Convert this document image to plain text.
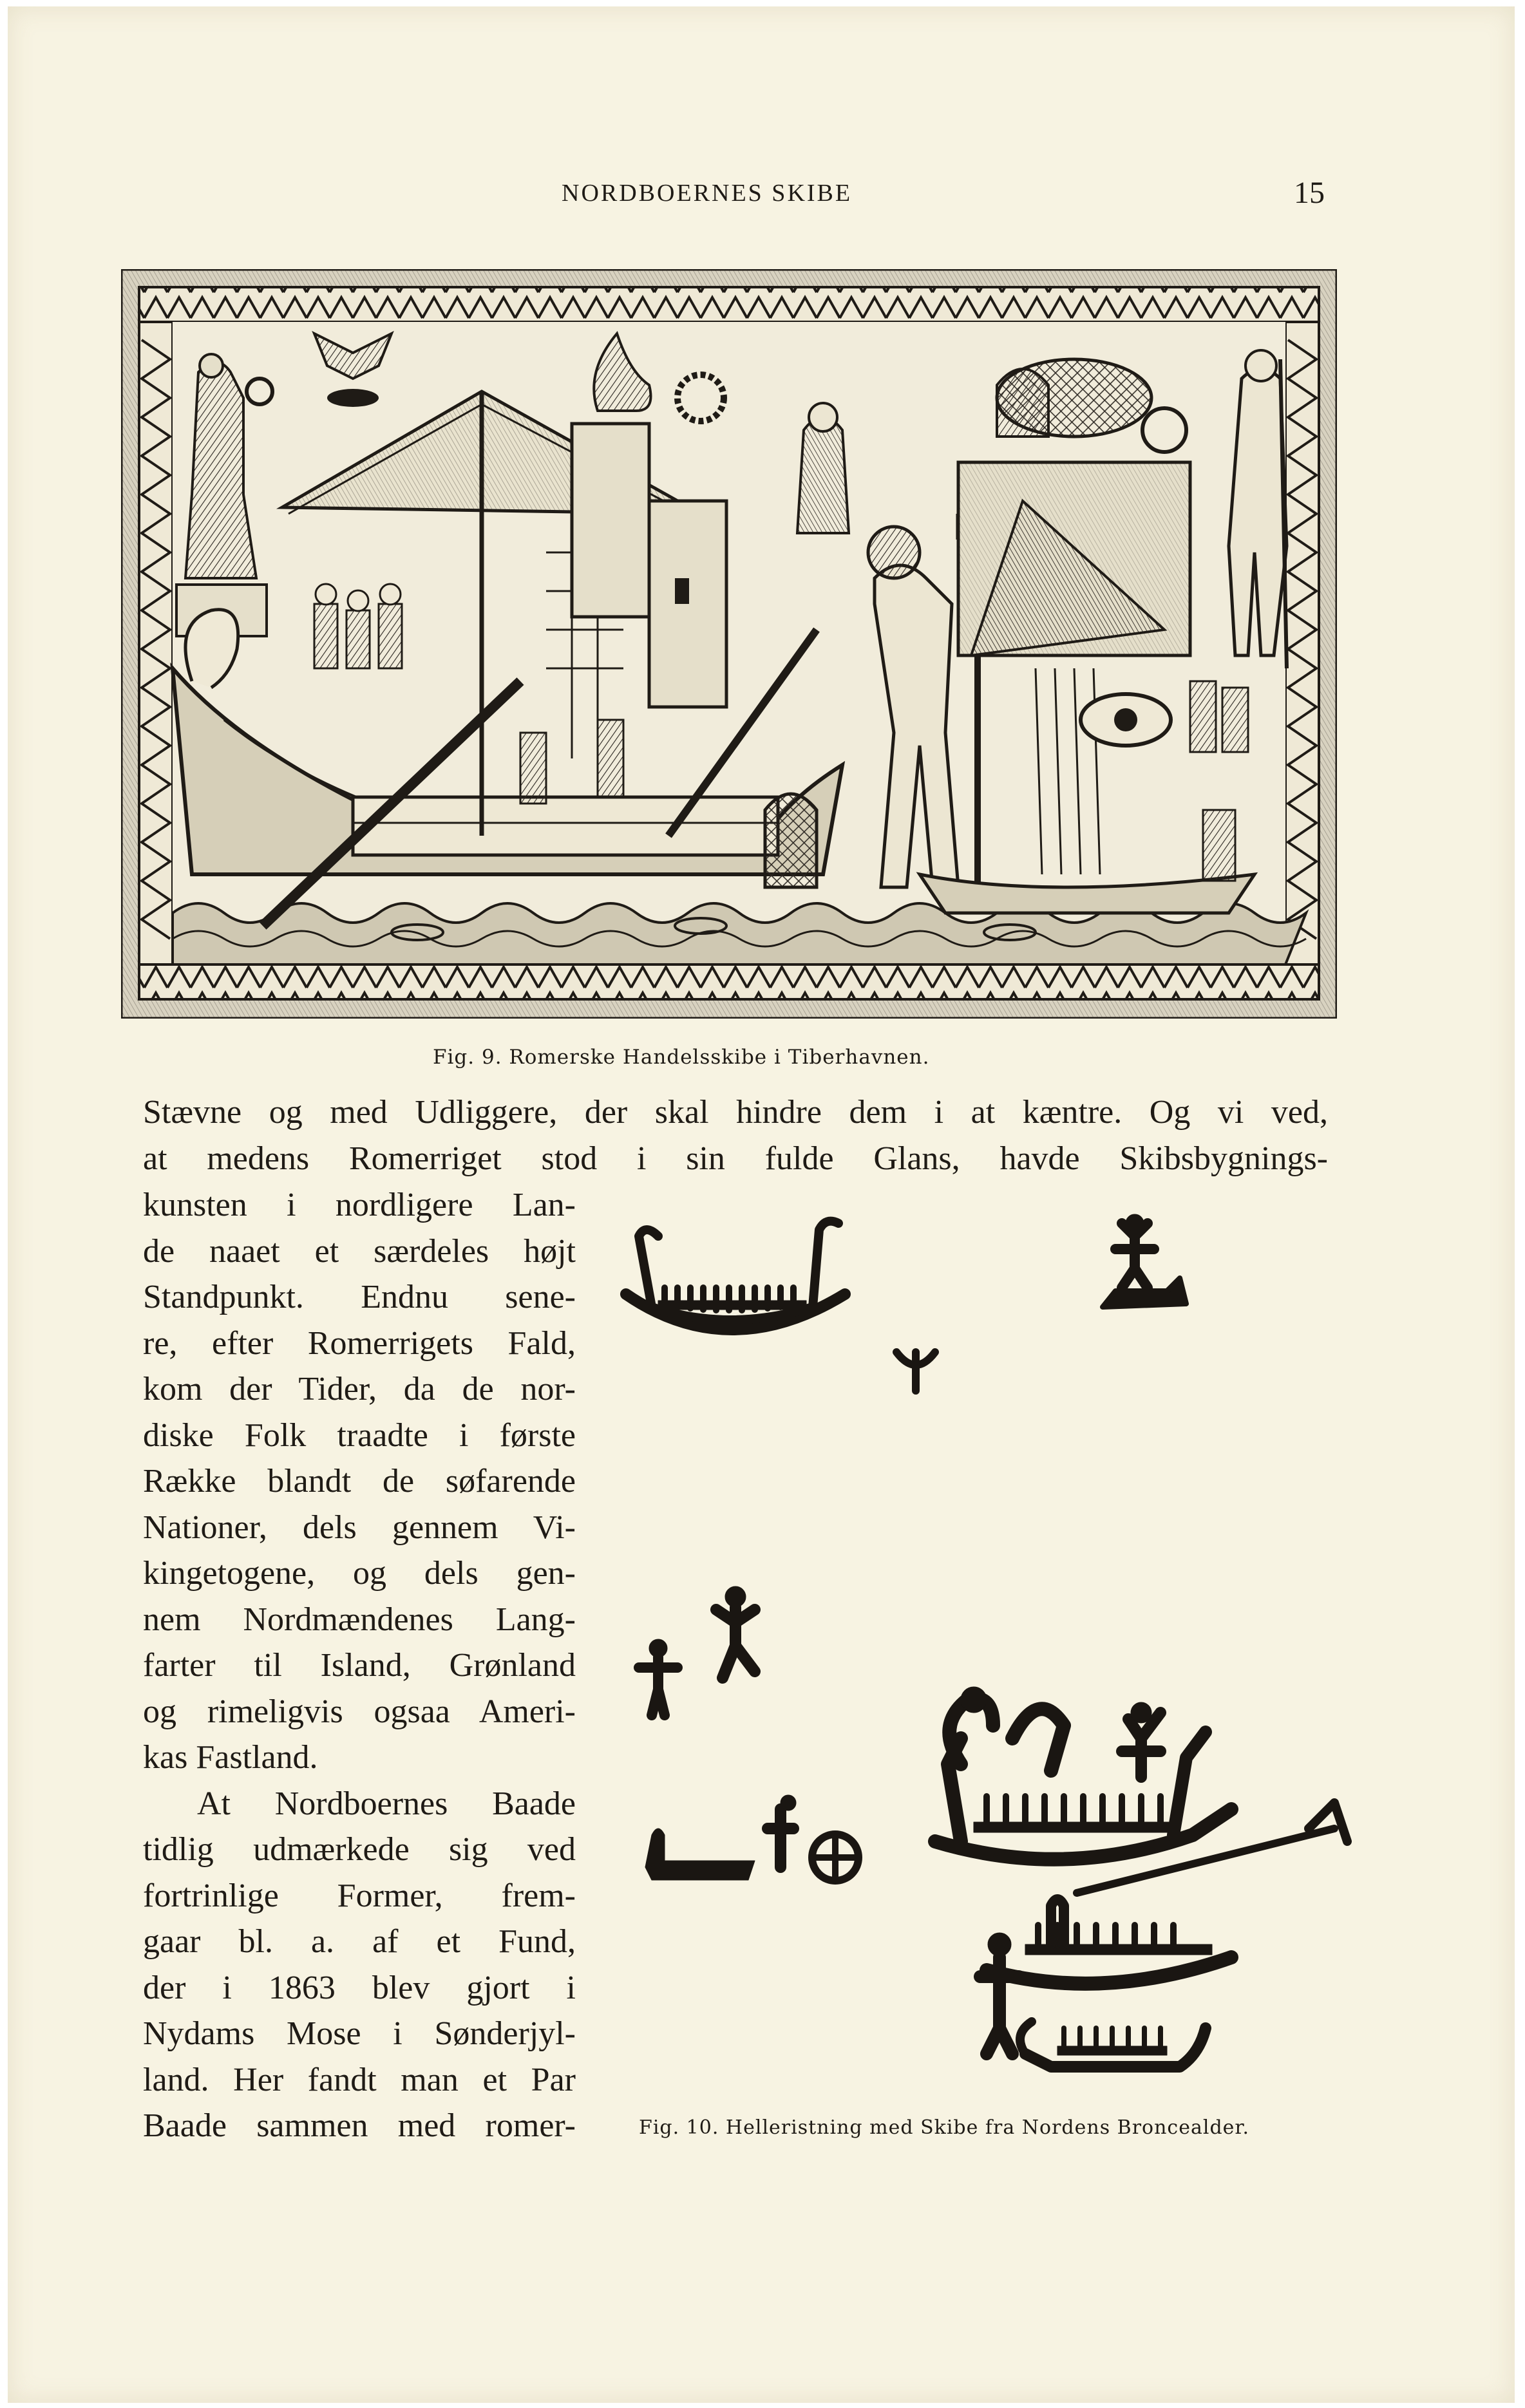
NORDBOERNES SKIBE	15
Fig. 9. Romerske Handelsskibe i Tiberhavnen.
Stævne og med Udliggere, der skal hindre dem i at kæntre. Og vi ved,
at medens Romerriget stod i sin fulde Glans, havde Skibsbygnings-
kunsten i nordligere Lan-
de naaet et særdeles højt
Standpunkt. Endnu sene-
re, efter Romerrigets Fald,
kom der Tider, da de nor-
diske Folk traadte i første
Række blandt de søfarende
Nationer, dels gennem Vi-
kingetogene, og dels gen-
nem Nordmændenes Lang-
farter til Island, Grønland
og rimeligvis ogsaa Ameri-
kas Fastland.
At Nordboernes Baade
tidlig udmærkede sig ved
fortrinlige Former, frem-
gaar bl. a. af et Fund,
der i 1863 blev gjort i
Nydams Mose i Sønderjyl-
land. Her fandt man et Par
Baade sammen med romer-	Fig. 10. Helleristning med Skibe fra Nordens Broncealder.
